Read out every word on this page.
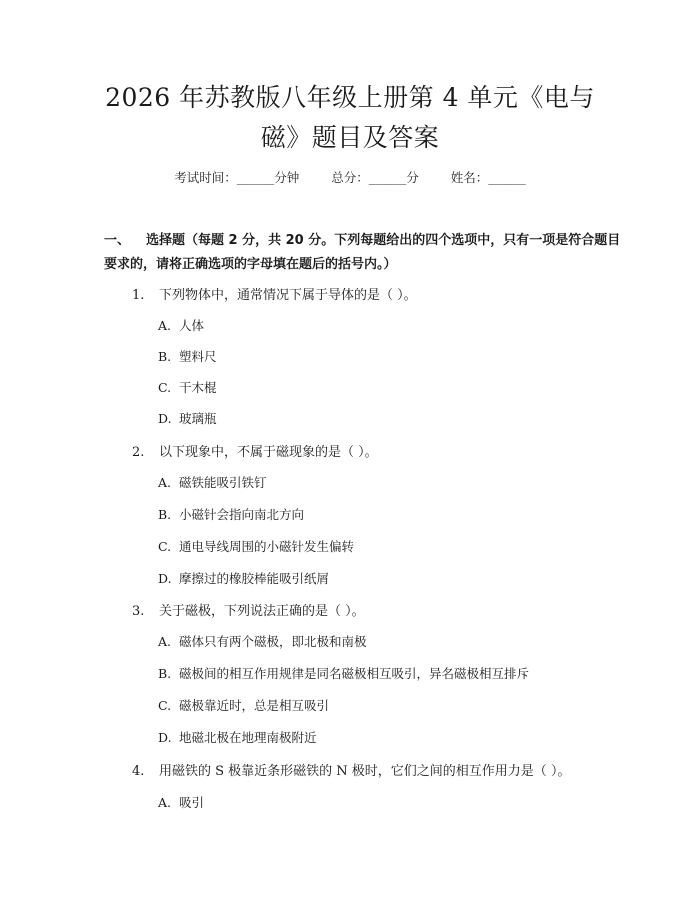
2026 年苏教版八年级上册第 4 单元《电与
磁》题目及答案
考试时间：______分钟	总分：______分	姓名：______
一、 选择题（每题 2 分，共 20 分。下列每题给出的四个选项中，只有一项是符合题目要求的，请将正确选项的字母填在题后的括号内。）
1. 下列物体中，通常情况下属于导体的是（ ）。
A. 人体
B. 塑料尺
C. 干木棍
D. 玻璃瓶
2. 以下现象中，不属于磁现象的是（ ）。
A. 磁铁能吸引铁钉
B. 小磁针会指向南北方向
C. 通电导线周围的小磁针发生偏转
D. 摩擦过的橡胶棒能吸引纸屑
3. 关于磁极，下列说法正确的是（ ）。
A. 磁体只有两个磁极，即北极和南极
B. 磁极间的相互作用规律是同名磁极相互吸引，异名磁极相互排斥
C. 磁极靠近时，总是相互吸引
D. 地磁北极在地理南极附近
4. 用磁铁的 S 极靠近条形磁铁的 N 极时，它们之间的相互作用力是（ ）。
A. 吸引
